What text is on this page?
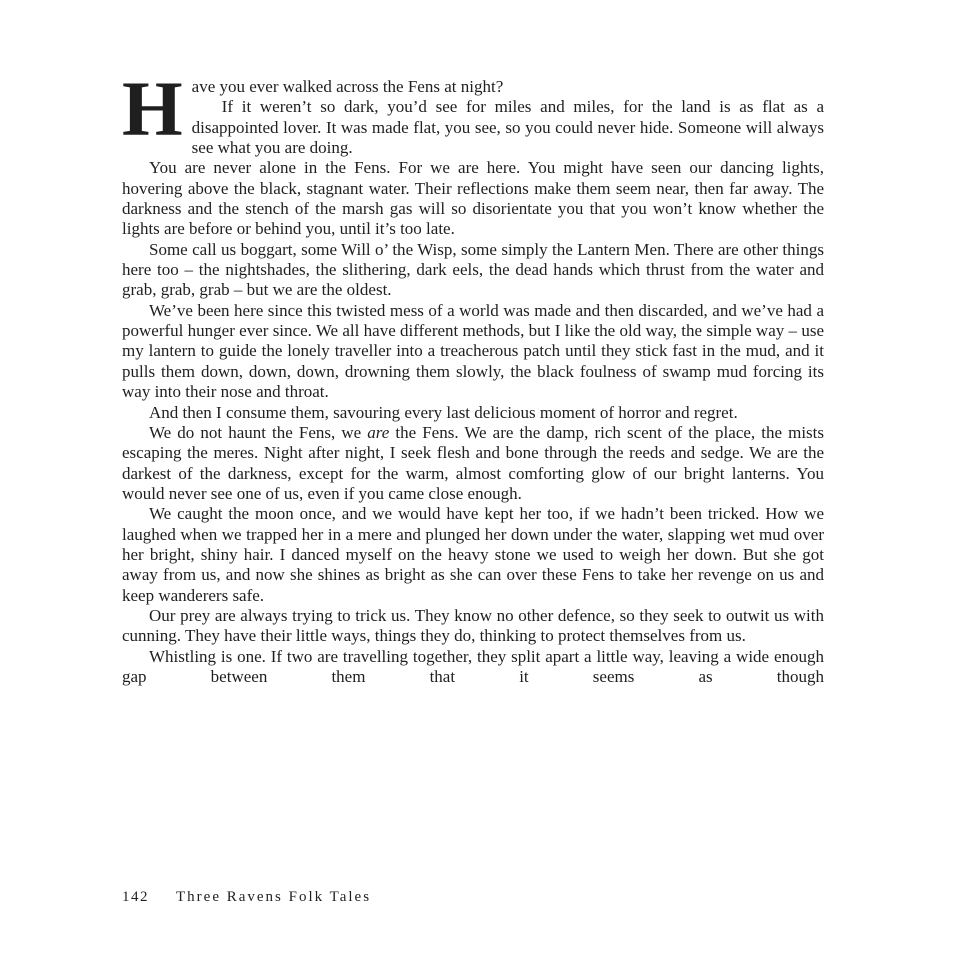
H ave you ever walked across the Fens at night?

If it weren’t so dark, you’d see for miles and miles, for the land is as flat as a disappointed lover. It was made flat, you see, so you could never hide. Someone will always see what you are doing.

You are never alone in the Fens. For we are here. You might have seen our dancing lights, hovering above the black, stagnant water. Their reflections make them seem near, then far away. The darkness and the stench of the marsh gas will so disorientate you that you won’t know whether the lights are before or behind you, until it’s too late.

Some call us boggart, some Will o’ the Wisp, some simply the Lantern Men. There are other things here too – the nightshades, the slithering, dark eels, the dead hands which thrust from the water and grab, grab, grab – but we are the oldest.

We’ve been here since this twisted mess of a world was made and then discarded, and we’ve had a powerful hunger ever since. We all have different methods, but I like the old way, the simple way – use my lantern to guide the lonely traveller into a treacherous patch until they stick fast in the mud, and it pulls them down, down, down, drowning them slowly, the black foulness of swamp mud forcing its way into their nose and throat.

And then I consume them, savouring every last delicious moment of horror and regret.

We do not haunt the Fens, we are the Fens. We are the damp, rich scent of the place, the mists escaping the meres. Night after night, I seek flesh and bone through the reeds and sedge. We are the darkest of the darkness, except for the warm, almost comforting glow of our bright lanterns. You would never see one of us, even if you came close enough.

We caught the moon once, and we would have kept her too, if we hadn’t been tricked. How we laughed when we trapped her in a mere and plunged her down under the water, slapping wet mud over her bright, shiny hair. I danced myself on the heavy stone we used to weigh her down. But she got away from us, and now she shines as bright as she can over these Fens to take her revenge on us and keep wanderers safe.

Our prey are always trying to trick us. They know no other defence, so they seek to outwit us with cunning. They have their little ways, things they do, thinking to protect themselves from us.

Whistling is one. If two are travelling together, they split apart a little way, leaving a wide enough gap between them that it seems as though

142 Three Ravens Folk Tales
